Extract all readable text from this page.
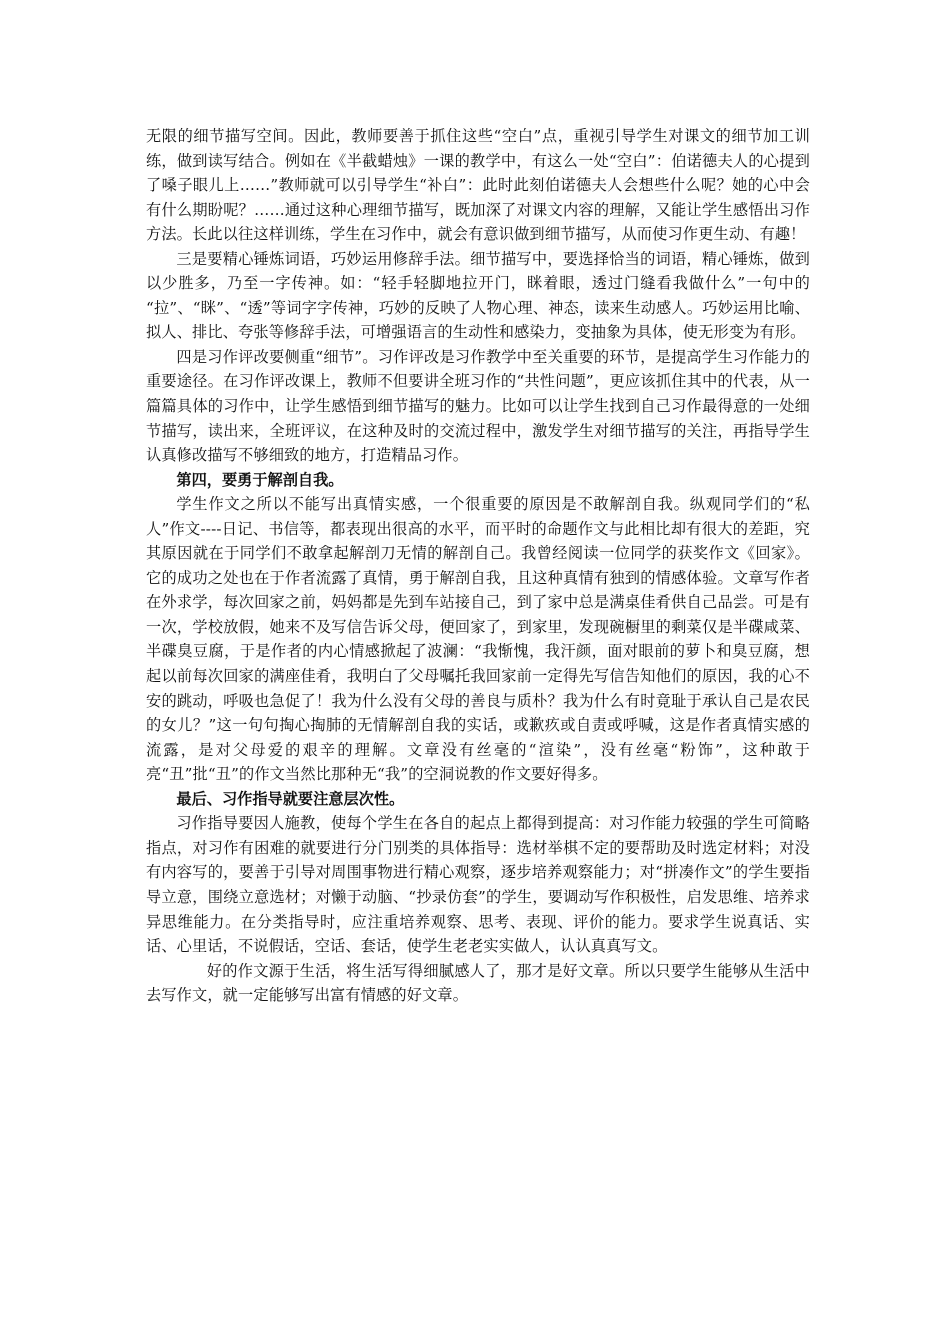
无限的细节描写空间。因此，教师要善于抓住这些“空白”点，重视引导学生对课文的细节加工训练，做到读写结合。例如在《半截蜡烛》一课的教学中，有这么一处“空白”：伯诺德夫人的心提到了嗓子眼儿上……”教师就可以引导学生“补白”：此时此刻伯诺德夫人会想些什么呢？她的心中会有什么期盼呢？……通过这种心理细节描写，既加深了对课文内容的理解，又能让学生感悟出习作方法。长此以往这样训练，学生在习作中，就会有意识做到细节描写，从而使习作更生动、有趣！

三是要精心锤炼词语，巧妙运用修辞手法。细节描写中，要选择恰当的词语，精心锤炼，做到以少胜多，乃至一字传神。如：“轻手轻脚地拉开门，眯着眼，透过门缝看我做什么”一句中的 “拉”、“眯”、“透”等词字字传神，巧妙的反映了人物心理、神态，读来生动感人。巧妙运用比喻、拟人、排比、夸张等修辞手法，可增强语言的生动性和感染力，变抽象为具体，使无形变为有形。

四是习作评改要侧重“细节”。习作评改是习作教学中至关重要的环节，是提高学生习作能力的重要途径。在习作评改课上，教师不但要讲全班习作的“共性问题”，更应该抓住其中的代表，从一篇篇具体的习作中，让学生感悟到细节描写的魅力。比如可以让学生找到自己习作最得意的一处细节描写，读出来，全班评议，在这种及时的交流过程中，激发学生对细节描写的关注，再指导学生认真修改描写不够细致的地方，打造精品习作。

第四，要勇于解剖自我。

学生作文之所以不能写出真情实感，一个很重要的原因是不敢解剖自我。纵观同学们的“私人”作文----日记、书信等，都表现出很高的水平，而平时的命题作文与此相比却有很大的差距，究其原因就在于同学们不敢拿起解剖刀无情的解剖自己。我曾经阅读一位同学的获奖作文《回家》。它的成功之处也在于作者流露了真情，勇于解剖自我，且这种真情有独到的情感体验。文章写作者在外求学，每次回家之前，妈妈都是先到车站接自己，到了家中总是满桌佳肴供自己品尝。可是有一次，学校放假，她来不及写信告诉父母，便回家了，到家里，发现碗橱里的剩菜仅是半碟咸菜、半碟臭豆腐，于是作者的内心情感掀起了波澜：“我惭愧，我汗颜，面对眼前的萝卜和臭豆腐，想起以前每次回家的满座佳肴，我明白了父母嘱托我回家前一定得先写信告知他们的原因，我的心不安的跳动，呼吸也急促了！我为什么没有父母的善良与质朴？我为什么有时竟耻于承认自己是农民的女儿？”这一句句掏心掏肺的无情解剖自我的实话，或歉疚或自责或呼喊，这是作者真情实感的流露，是对父母爱的艰辛的理解。文章没有丝毫的“渲染”，没有丝毫“粉饰”，这种敢于亮“丑”批“丑”的作文当然比那种无“我”的空洞说教的作文要好得多。

最后、习作指导就要注意层次性。

习作指导要因人施教，使每个学生在各自的起点上都得到提高：对习作能力较强的学生可简略指点，对习作有困难的就要进行分门别类的具体指导：选材举棋不定的要帮助及时选定材料；对没有内容写的，要善于引导对周围事物进行精心观察，逐步培养观察能力；对“拼凑作文”的学生要指导立意，围绕立意选材；对懒于动脑、“抄录仿套”的学生，要调动写作积极性，启发思维、培养求异思维能力。在分类指导时，应注重培养观察、思考、表现、评价的能力。要求学生说真话、实话、心里话，不说假话，空话、套话，使学生老老实实做人，认认真真写文。

好的作文源于生活，将生活写得细腻感人了，那才是好文章。所以只要学生能够从生活中去写作文，就一定能够写出富有情感的好文章。
